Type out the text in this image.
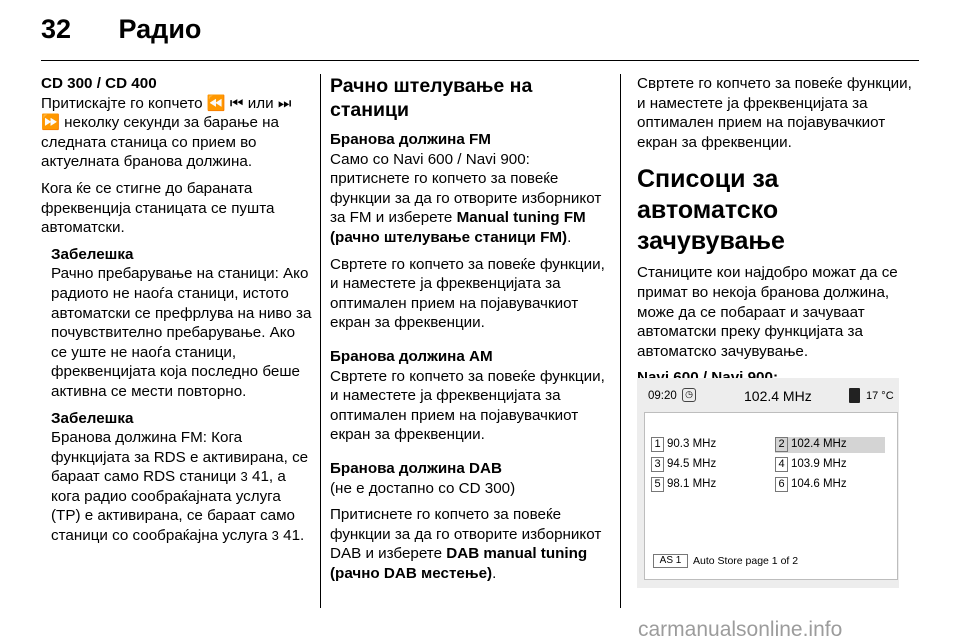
32 Радио
CD 300 / CD 400

Притискајте го копчето ⏪ ⏮ или ⏭ ⏩ неколку секунди за барање на следната станица со прием во актуелната бранова должина.

Кога ќе се стигне до бараната фреквенција станицата се пушта автоматски.

Забелешка
Рачно пребарување на станици: Ако радиото не наоѓа станици, истото автоматски се префрлува на ниво за почувствително пребарување. Ако се уште не наоѓа станици, фреквенцијата која последно беше активна се мести повторно.
Забелешка
Бранова должина FM: Кога функцијата за RDS е активирана, се бараат само RDS станици 3 41, а кога радио сообраќајната услуга (TP) е активирана, се бараат само станици со сообраќајна услуга 3 41.
Рачно штелување на станици
Бранова должина FM

Само со Navi 600 / Navi 900: притиснете го копчето за повеќе функции за да го отворите изборникот за FM и изберете Manual tuning FM (рачно штелување станици FM).

Свртете го копчето за повеќе функции, и наместете ја фреквенцијата за оптимален прием на појавувачкиот екран за фреквенции.

Бранова должина AM

Свртете го копчето за повеќе функции, и наместете ја фреквенцијата за оптимален прием на појавувачкиот екран за фреквенции.

Бранова должина DAB

(не е достапно со CD 300)

Притиснете го копчето за повеќе функции за да го отворите изборникот DAB и изберете DAB manual tuning (рачно DAB местење).

Свртете го копчето за повеќе функции, и наместете ја фреквенцијата за оптимален прием на појавувачкиот екран за фреквенции.

Списоци за автоматско зачувување

Станиците кои најдобро можат да се примат во некоја бранова должина, може да се побараат и зачуваат автоматски преку функцијата за автоматско зачувување.

09:20 ◷	102.4 MHz	17 °C
1 90.3 MHz	2 102.4 MHz
3 94.5 MHz	4 103.9 MHz
5 98.1 MHz	6 104.6 MHz
AS 1	Auto Store page 1 of 2
carmanualsonline.info
